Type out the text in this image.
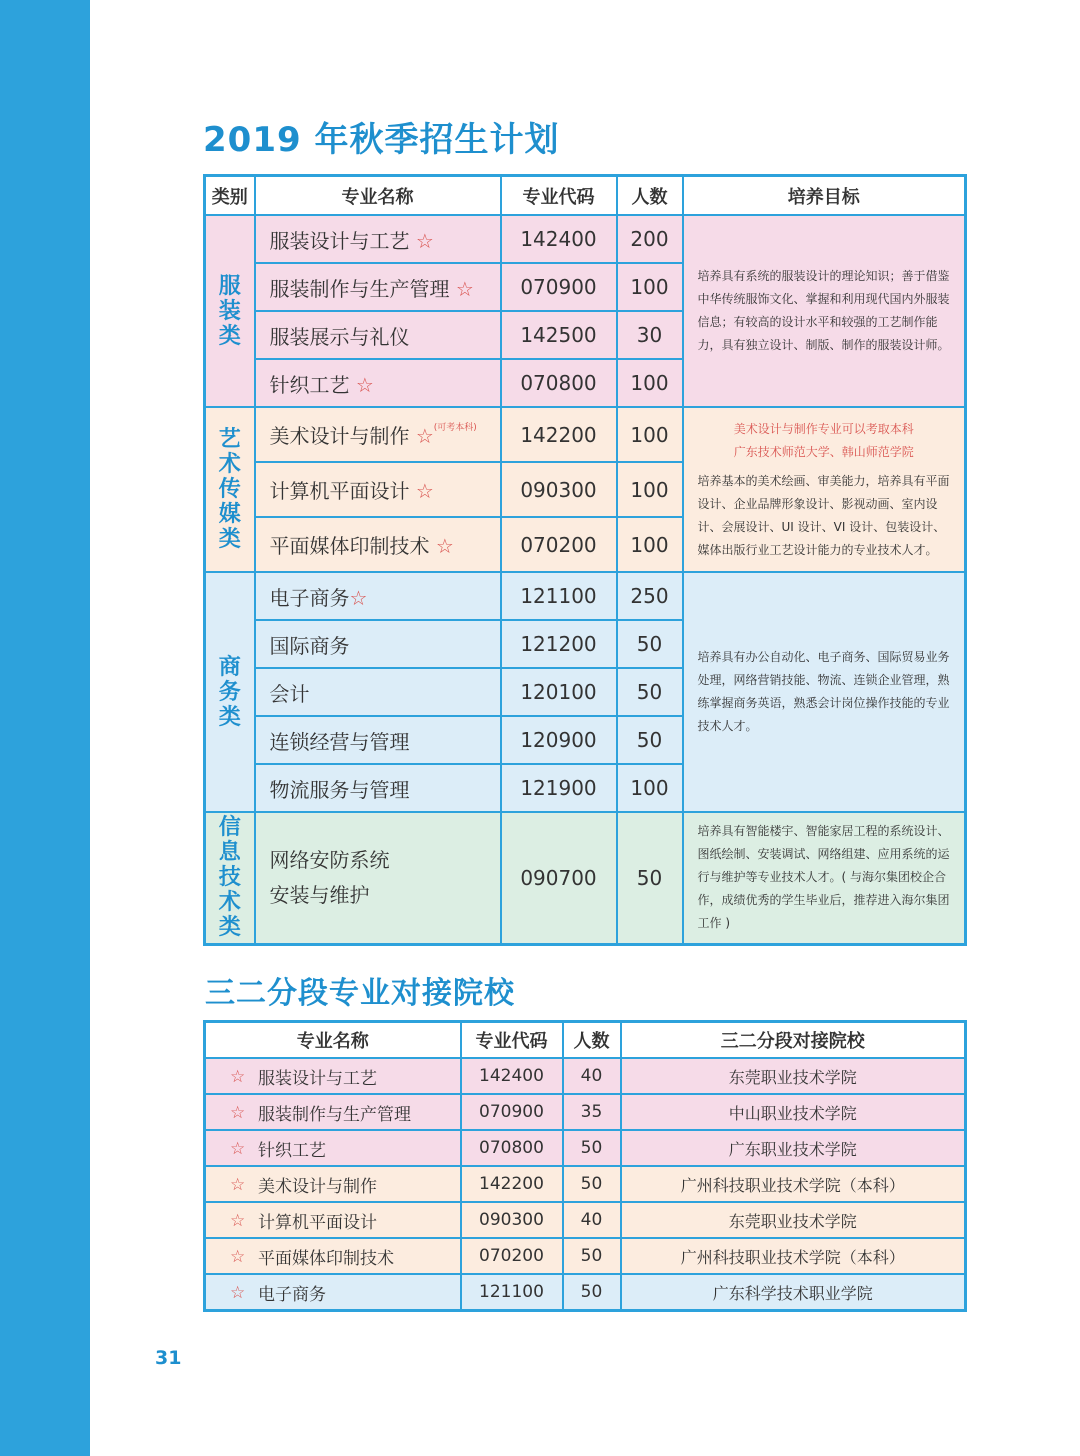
2019 年秋季招生计划
类别	专业名称	专业代码	人数	培养目标
服装类	服装设计与工艺 ☆	142400	200	培养具有系统的服装设计的理论知识；善于借鉴中华传统服饰文化、掌握和利用现代国内外服装信息；有较高的设计水平和较强的工艺制作能力，具有独立设计、制版、制作的服装设计师。
	服装制作与生产管理 ☆	070900	100	
	服装展示与礼仪	142500	30	
	针织工艺 ☆	070800	100	
艺术传媒类	美术设计与制作 ☆$^{(可考本科)}$	142200	100	美术设计与制作专业可以考取本科
广东技术师范大学、韩山师范学院
培养基本的美术绘画、审美能力，培养具有平面设计、企业品牌形象设计、影视动画、室内设计、会展设计、UI 设计、VI 设计、包装设计、媒体出版行业工艺设计能力的专业技术人才。
	计算机平面设计 ☆	090300	100	
	平面媒体印制技术 ☆	070200	100	
商务类	电子商务☆	121100	250	培养具有办公自动化、电子商务、国际贸易业务处理，网络营销技能、物流、连锁企业管理，熟练掌握商务英语，熟悉会计岗位操作技能的专业技术人才。
	国际商务	121200	50	
	会计	120100	50	
	连锁经营与管理	120900	50	
	物流服务与管理	121900	100	
信息技术类	网络安防系统
安装与维护	090700	50	培养具有智能楼宇、智能家居工程的系统设计、图纸绘制、安装调试、网络组建、应用系统的运行与维护等专业技术人才。( 与海尔集团校企合作，成绩优秀的学生毕业后，推荐进入海尔集团工作 )
三二分段专业对接院校
专业名称	专业代码	人数	三二分段对接院校

☆ 服装设计与工艺	142400	40	东莞职业技术学院

☆ 服装制作与生产管理	070900	35	中山职业技术学院

☆ 针织工艺	070800	50	广东职业技术学院

☆ 美术设计与制作	142200	50	广州科技职业技术学院（本科）

☆ 计算机平面设计	090300	40	东莞职业技术学院

☆ 平面媒体印制技术	070200	50	广州科技职业技术学院（本科）

☆ 电子商务	121100	50	广东科学技术职业学院
31
